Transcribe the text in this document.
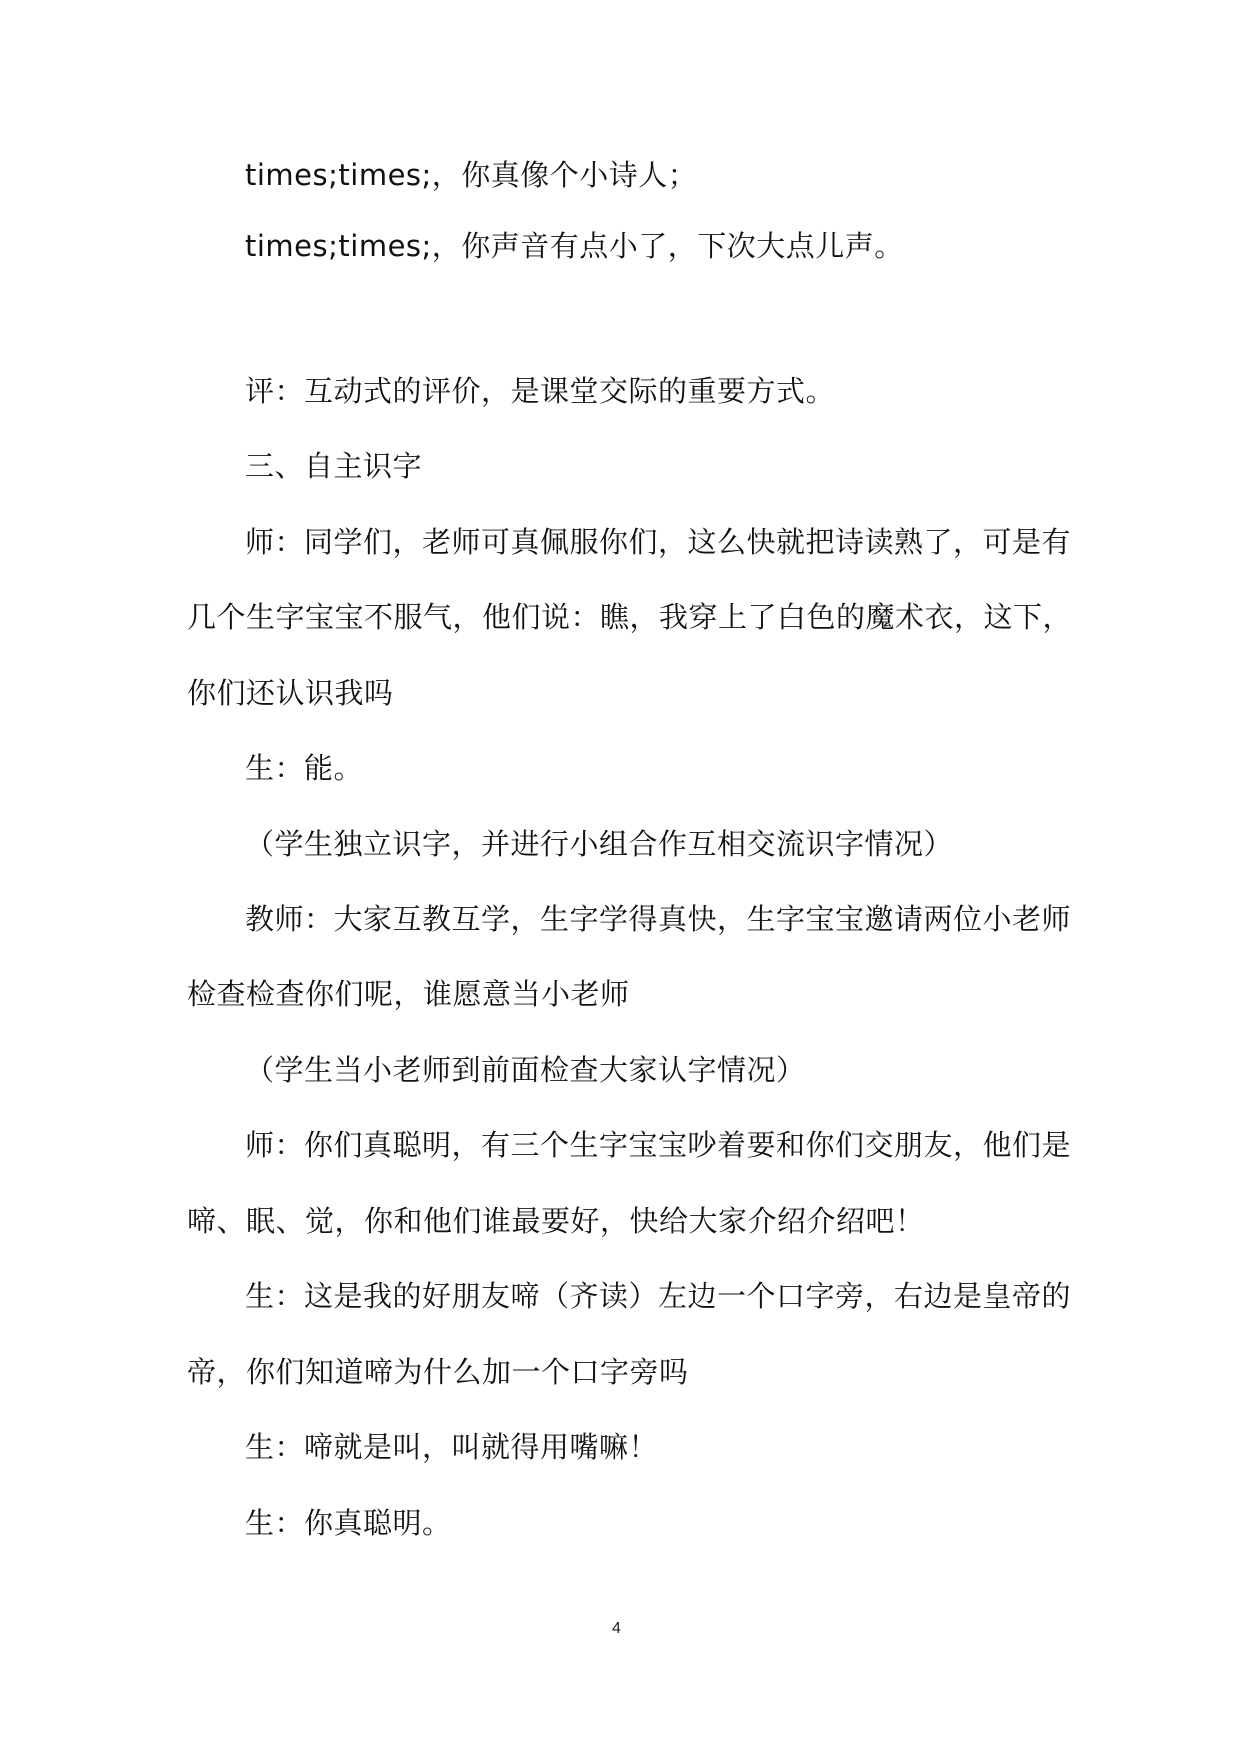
times;times;，你真像个小诗人；
times;times;，你声音有点小了，下次大点儿声。
评：互动式的评价，是课堂交际的重要方式。
三、自主识字
师：同学们，老师可真佩服你们，这么快就把诗读熟了，可是有
几个生字宝宝不服气，他们说：瞧，我穿上了白色的魔术衣，这下，
你们还认识我吗
生：能。
（学生独立识字，并进行小组合作互相交流识字情况）
教师：大家互教互学，生字学得真快，生字宝宝邀请两位小老师
检查检查你们呢，谁愿意当小老师
（学生当小老师到前面检查大家认字情况）
师：你们真聪明，有三个生字宝宝吵着要和你们交朋友，他们是
啼、眠、觉，你和他们谁最要好，快给大家介绍介绍吧！
生：这是我的好朋友啼（齐读）左边一个口字旁，右边是皇帝的
帝，你们知道啼为什么加一个口字旁吗
生：啼就是叫，叫就得用嘴嘛！
生：你真聪明。
4
